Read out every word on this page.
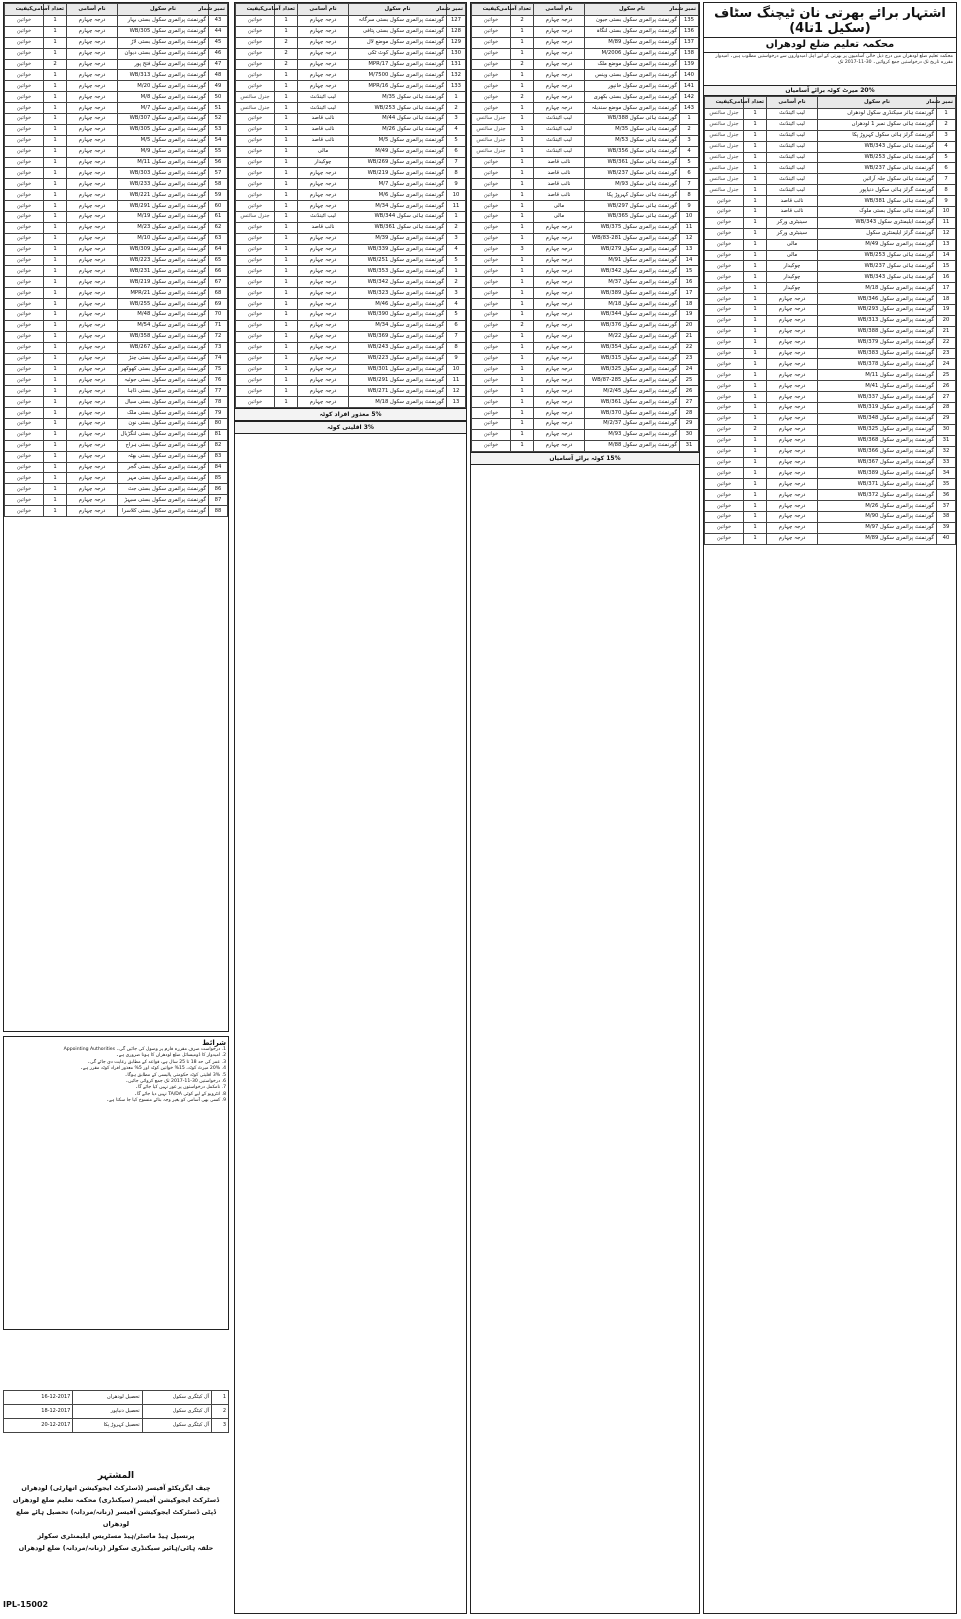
اشتہار برائے بھرتی نان ٹیچنگ سٹاف (سکیل 1تا4)
محکمہ تعلیم ضلع لودھراں
محکمہ تعلیم ضلع لودھراں میں درج ذیل خالی آسامیوں پر بھرتی کے لیے اہل امیدواروں سے درخواستیں مطلوب ہیں۔ امیدوار مقررہ تاریخ تک درخواستیں جمع کروائیں۔ 30-11-2017 تک
20% میرٹ کوٹہ برائے آسامیاں
نمبر شمار	نام سکول	نام آسامی	تعداد آسامی	کیفیت
1	گورنمنٹ ہائر سیکنڈری سکول لودھراں	لیب اٹینڈنٹ	1	جنرل سائنس
2	گورنمنٹ ہائی سکول نمبر 1 لودھراں	لیب اٹینڈنٹ	1	جنرل سائنس
3	گورنمنٹ گرلز ہائی سکول کہروڑ پکا	لیب اٹینڈنٹ	1	جنرل سائنس
4	گورنمنٹ ہائی سکول 343/WB	لیب اٹینڈنٹ	1	جنرل سائنس
5	گورنمنٹ ہائی سکول 253/WB	لیب اٹینڈنٹ	1	جنرل سائنس
6	گورنمنٹ ہائی سکول 237/WB	لیب اٹینڈنٹ	1	جنرل سائنس
7	گورنمنٹ ہائی سکول جلہ آرائیں	لیب اٹینڈنٹ	1	جنرل سائنس
8	گورنمنٹ گرلز ہائی سکول دنیاپور	لیب اٹینڈنٹ	1	جنرل سائنس
9	گورنمنٹ ہائی سکول 381/WB	نائب قاصد	1	خواتین
10	گورنمنٹ ہائی سکول بستی ملوک	نائب قاصد	1	خواتین
11	گورنمنٹ ایلیمنٹری سکول 343/WB	سینیٹری ورکر	1	خواتین
12	گورنمنٹ گرلز ایلیمنٹری سکول	سینیٹری ورکر	1	خواتین
13	گورنمنٹ پرائمری سکول 49/M	مالی	1	خواتین
14	گورنمنٹ ہائی سکول 253/WB	مالی	1	خواتین
15	گورنمنٹ ہائی سکول 237/WB	چوکیدار	1	خواتین
16	گورنمنٹ ہائی سکول 343/WB	چوکیدار	1	خواتین
17	گورنمنٹ پرائمری سکول 18/M	چوکیدار	1	خواتین
18	گورنمنٹ پرائمری سکول 346/WB	درجہ چہارم	1	خواتین
19	گورنمنٹ پرائمری سکول 293/WB	درجہ چہارم	1	خواتین
20	گورنمنٹ پرائمری سکول 313/WB	درجہ چہارم	1	خواتین
21	گورنمنٹ پرائمری سکول 388/WB	درجہ چہارم	1	خواتین
22	گورنمنٹ پرائمری سکول 379/WB	درجہ چہارم	1	خواتین
23	گورنمنٹ پرائمری سکول 383/WB	درجہ چہارم	1	خواتین
24	گورنمنٹ پرائمری سکول 378/WB	درجہ چہارم	1	خواتین
25	گورنمنٹ پرائمری سکول 11/M	درجہ چہارم	1	خواتین
26	گورنمنٹ پرائمری سکول 41/M	درجہ چہارم	1	خواتین
27	گورنمنٹ پرائمری سکول 337/WB	درجہ چہارم	1	خواتین
28	گورنمنٹ پرائمری سکول 319/WB	درجہ چہارم	1	خواتین
29	گورنمنٹ پرائمری سکول 348/WB	درجہ چہارم	1	خواتین
30	گورنمنٹ پرائمری سکول 325/WB	درجہ چہارم	2	خواتین
31	گورنمنٹ پرائمری سکول 368/WB	درجہ چہارم	1	خواتین
32	گورنمنٹ پرائمری سکول 366/WB	درجہ چہارم	1	خواتین
33	گورنمنٹ پرائمری سکول 367/WB	درجہ چہارم	1	خواتین
34	گورنمنٹ پرائمری سکول 389/WB	درجہ چہارم	1	خواتین
35	گورنمنٹ پرائمری سکول 371/WB	درجہ چہارم	1	خواتین
36	گورنمنٹ پرائمری سکول 372/WB	درجہ چہارم	1	خواتین
37	گورنمنٹ پرائمری سکول 26/M	درجہ چہارم	1	خواتین
38	گورنمنٹ پرائمری سکول 90/M	درجہ چہارم	1	خواتین
39	گورنمنٹ پرائمری سکول 97/M	درجہ چہارم	1	خواتین
40	گورنمنٹ پرائمری سکول 89/M	درجہ چہارم	1	خواتین
نمبر شمار	نام سکول	نام آسامی	تعداد آسامی	کیفیت
135	گورنمنٹ پرائمری سکول بستی جیون	درجہ چہارم	2	خواتین
136	گورنمنٹ پرائمری سکول بستی لنگاہ	درجہ چہارم	1	خواتین
137	گورنمنٹ پرائمری سکول 89/M	درجہ چہارم	1	خواتین
138	گورنمنٹ پرائمری سکول 2006/M	درجہ چہارم	1	خواتین
139	گورنمنٹ پرائمری سکول موضع ملک	درجہ چہارم	2	خواتین
140	گورنمنٹ پرائمری سکول بستی وینس	درجہ چہارم	1	خواتین
141	گورنمنٹ پرائمری سکول خانپور	درجہ چہارم	1	خواتین
142	گورنمنٹ پرائمری سکول بستی بکھری	درجہ چہارم	2	خواتین
143	گورنمنٹ پرائمری سکول موضع سندیلہ	درجہ چہارم	1	خواتین
1	گورنمنٹ ہائی سکول 388/WB	لیب اٹینڈنٹ	1	جنرل سائنس
2	گورنمنٹ ہائی سکول 35/M	لیب اٹینڈنٹ	1	جنرل سائنس
3	گورنمنٹ ہائی سکول 53/M	لیب اٹینڈنٹ	1	جنرل سائنس
4	گورنمنٹ ہائی سکول 356/WB	لیب اٹینڈنٹ	1	جنرل سائنس
5	گورنمنٹ ہائی سکول 361/WB	نائب قاصد	1	خواتین
6	گورنمنٹ ہائی سکول 237/WB	نائب قاصد	1	خواتین
7	گورنمنٹ ہائی سکول 93/M	نائب قاصد	1	خواتین
8	گورنمنٹ ہائی سکول کہروڑ پکا	نائب قاصد	1	خواتین
9	گورنمنٹ ہائی سکول 297/WB	مالی	1	خواتین
10	گورنمنٹ ہائی سکول 365/WB	مالی	1	خواتین
11	گورنمنٹ پرائمری سکول 375/WB	درجہ چہارم	1	خواتین
12	گورنمنٹ پرائمری سکول 281-83/WB	درجہ چہارم	1	خواتین
13	گورنمنٹ پرائمری سکول 279/WB	درجہ چہارم	3	خواتین
14	گورنمنٹ پرائمری سکول 91/M	درجہ چہارم	1	خواتین
15	گورنمنٹ پرائمری سکول 342/WB	درجہ چہارم	1	خواتین
16	گورنمنٹ پرائمری سکول 37/M	درجہ چہارم	1	خواتین
17	گورنمنٹ پرائمری سکول 389/WB	درجہ چہارم	1	خواتین
18	گورنمنٹ پرائمری سکول 18/M	درجہ چہارم	1	خواتین
19	گورنمنٹ پرائمری سکول 344/WB	درجہ چہارم	1	خواتین
20	گورنمنٹ پرائمری سکول 376/WB	درجہ چہارم	2	خواتین
21	گورنمنٹ پرائمری سکول 22/M	درجہ چہارم	1	خواتین
22	گورنمنٹ پرائمری سکول 354/WB	درجہ چہارم	1	خواتین
23	گورنمنٹ پرائمری سکول 315/WB	درجہ چہارم	1	خواتین
24	گورنمنٹ پرائمری سکول 325/WB	درجہ چہارم	1	خواتین
25	گورنمنٹ پرائمری سکول 285-87/WB	درجہ چہارم	1	خواتین
26	گورنمنٹ پرائمری سکول 2/45/M	درجہ چہارم	1	خواتین
27	گورنمنٹ پرائمری سکول 361/WB	درجہ چہارم	1	خواتین
28	گورنمنٹ پرائمری سکول 370/WB	درجہ چہارم	1	خواتین
29	گورنمنٹ پرائمری سکول 2/37/M	درجہ چہارم	1	خواتین
30	گورنمنٹ پرائمری سکول 93/M	درجہ چہارم	1	خواتین
31	گورنمنٹ پرائمری سکول 88/M	درجہ چہارم	1	خواتین
15% کوٹہ برائے آسامیاں
نمبر شمار	نام سکول	نام آسامی	تعداد آسامی	کیفیت
127	گورنمنٹ پرائمری سکول بستی سرگانہ	درجہ چہارم	1	خواتین
128	گورنمنٹ پرائمری سکول بستی پتافی	درجہ چہارم	1	خواتین
129	گورنمنٹ پرائمری سکول موضع لال	درجہ چہارم	2	خواتین
130	گورنمنٹ پرائمری سکول کوٹ ٹکی	درجہ چہارم	2	خواتین
131	گورنمنٹ پرائمری سکول 17/MPR	درجہ چہارم	2	خواتین
132	گورنمنٹ پرائمری سکول 7500/M	درجہ چہارم	1	خواتین
133	گورنمنٹ پرائمری سکول 16/MPR	درجہ چہارم	1	خواتین
1	گورنمنٹ ہائی سکول 35/M	لیب اٹینڈنٹ	1	جنرل سائنس
2	گورنمنٹ ہائی سکول 253/WB	لیب اٹینڈنٹ	1	جنرل سائنس
3	گورنمنٹ ہائی سکول 44/M	نائب قاصد	1	خواتین
4	گورنمنٹ ہائی سکول 26/M	نائب قاصد	1	خواتین
5	گورنمنٹ پرائمری سکول 5/M	نائب قاصد	1	خواتین
6	گورنمنٹ پرائمری سکول 49/M	مالی	1	خواتین
7	گورنمنٹ پرائمری سکول 269/WB	چوکیدار	1	خواتین
8	گورنمنٹ پرائمری سکول 219/WB	درجہ چہارم	1	خواتین
9	گورنمنٹ پرائمری سکول 7/M	درجہ چہارم	1	خواتین
10	گورنمنٹ پرائمری سکول 6/M	درجہ چہارم	1	خواتین
11	گورنمنٹ پرائمری سکول 34/M	درجہ چہارم	1	خواتین
1	گورنمنٹ ہائی سکول 344/WB	لیب اٹینڈنٹ	1	جنرل سائنس
2	گورنمنٹ ہائی سکول 361/WB	نائب قاصد	1	خواتین
3	گورنمنٹ پرائمری سکول 39/M	درجہ چہارم	1	خواتین
4	گورنمنٹ پرائمری سکول 339/WB	درجہ چہارم	1	خواتین
5	گورنمنٹ پرائمری سکول 251/WB	درجہ چہارم	1	خواتین
1	گورنمنٹ پرائمری سکول 353/WB	درجہ چہارم	1	خواتین
2	گورنمنٹ پرائمری سکول 342/WB	درجہ چہارم	1	خواتین
3	گورنمنٹ پرائمری سکول 323/WB	درجہ چہارم	1	خواتین
4	گورنمنٹ پرائمری سکول 46/M	درجہ چہارم	1	خواتین
5	گورنمنٹ پرائمری سکول 390/WB	درجہ چہارم	1	خواتین
6	گورنمنٹ پرائمری سکول 34/M	درجہ چہارم	1	خواتین
7	گورنمنٹ پرائمری سکول 369/WB	درجہ چہارم	1	خواتین
8	گورنمنٹ پرائمری سکول 243/WB	درجہ چہارم	1	خواتین
9	گورنمنٹ پرائمری سکول 223/WB	درجہ چہارم	1	خواتین
10	گورنمنٹ پرائمری سکول 301/WB	درجہ چہارم	1	خواتین
11	گورنمنٹ پرائمری سکول 291/WB	درجہ چہارم	1	خواتین
12	گورنمنٹ پرائمری سکول 271/WB	درجہ چہارم	1	خواتین
13	گورنمنٹ پرائمری سکول 18/M	درجہ چہارم	1	خواتین
5% معذور افراد کوٹہ
3% اقلیتی کوٹہ
نمبر شمار	نام سکول	نام آسامی	تعداد آسامی	کیفیت
43	گورنمنٹ پرائمری سکول بستی بہار	درجہ چہارم	1	خواتین
44	گورنمنٹ پرائمری سکول 305/WB	درجہ چہارم	1	خواتین
45	گورنمنٹ پرائمری سکول بستی لاڑ	درجہ چہارم	1	خواتین
46	گورنمنٹ پرائمری سکول بستی دیوان	درجہ چہارم	1	خواتین
47	گورنمنٹ پرائمری سکول فتح پور	درجہ چہارم	2	خواتین
48	گورنمنٹ پرائمری سکول 313/WB	درجہ چہارم	1	خواتین
49	گورنمنٹ پرائمری سکول 20/M	درجہ چہارم	1	خواتین
50	گورنمنٹ پرائمری سکول 8/M	درجہ چہارم	1	خواتین
51	گورنمنٹ پرائمری سکول 7/M	درجہ چہارم	1	خواتین
52	گورنمنٹ پرائمری سکول 307/WB	درجہ چہارم	1	خواتین
53	گورنمنٹ پرائمری سکول 305/WB	درجہ چہارم	1	خواتین
54	گورنمنٹ پرائمری سکول 5/M	درجہ چہارم	1	خواتین
55	گورنمنٹ پرائمری سکول 9/M	درجہ چہارم	1	خواتین
56	گورنمنٹ پرائمری سکول 11/M	درجہ چہارم	1	خواتین
57	گورنمنٹ پرائمری سکول 303/WB	درجہ چہارم	1	خواتین
58	گورنمنٹ پرائمری سکول 233/WB	درجہ چہارم	1	خواتین
59	گورنمنٹ پرائمری سکول 221/WB	درجہ چہارم	1	خواتین
60	گورنمنٹ پرائمری سکول 291/WB	درجہ چہارم	1	خواتین
61	گورنمنٹ پرائمری سکول 19/M	درجہ چہارم	1	خواتین
62	گورنمنٹ پرائمری سکول 23/M	درجہ چہارم	1	خواتین
63	گورنمنٹ پرائمری سکول 10/M	درجہ چہارم	1	خواتین
64	گورنمنٹ پرائمری سکول 309/WB	درجہ چہارم	1	خواتین
65	گورنمنٹ پرائمری سکول 223/WB	درجہ چہارم	1	خواتین
66	گورنمنٹ پرائمری سکول 231/WB	درجہ چہارم	1	خواتین
67	گورنمنٹ پرائمری سکول 219/WB	درجہ چہارم	1	خواتین
68	گورنمنٹ پرائمری سکول 21/MPR	درجہ چہارم	1	خواتین
69	گورنمنٹ پرائمری سکول 255/WB	درجہ چہارم	1	خواتین
70	گورنمنٹ پرائمری سکول 48/M	درجہ چہارم	1	خواتین
71	گورنمنٹ پرائمری سکول 54/M	درجہ چہارم	1	خواتین
72	گورنمنٹ پرائمری سکول 358/WB	درجہ چہارم	1	خواتین
73	گورنمنٹ پرائمری سکول 267/WB	درجہ چہارم	1	خواتین
74	گورنمنٹ پرائمری سکول بستی چنڑ	درجہ چہارم	1	خواتین
75	گورنمنٹ پرائمری سکول بستی کھوکھر	درجہ چہارم	1	خواتین
76	گورنمنٹ پرائمری سکول بستی جوئیہ	درجہ چہارم	1	خواتین
77	گورنمنٹ پرائمری سکول بستی ڈاہا	درجہ چہارم	1	خواتین
78	گورنمنٹ پرائمری سکول بستی سیال	درجہ چہارم	1	خواتین
79	گورنمنٹ پرائمری سکول بستی ملک	درجہ چہارم	1	خواتین
80	گورنمنٹ پرائمری سکول بستی نون	درجہ چہارم	1	خواتین
81	گورنمنٹ پرائمری سکول بستی لنگڑیال	درجہ چہارم	1	خواتین
82	گورنمنٹ پرائمری سکول بستی ہراج	درجہ چہارم	1	خواتین
83	گورنمنٹ پرائمری سکول بستی بھٹہ	درجہ چہارم	1	خواتین
84	گورنمنٹ پرائمری سکول بستی گجر	درجہ چہارم	1	خواتین
85	گورنمنٹ پرائمری سکول بستی مہر	درجہ چہارم	1	خواتین
86	گورنمنٹ پرائمری سکول بستی جٹ	درجہ چہارم	1	خواتین
87	گورنمنٹ پرائمری سکول بستی سیہڑ	درجہ چہارم	1	خواتین
88	گورنمنٹ پرائمری سکول بستی کلاسرا	درجہ چہارم	1	خواتین
شرائط
1. درخواست صرف مقررہ فارم پر وصول کی جائیں گی۔ Appointing Authorities
2. امیدوار کا ڈومیسائل ضلع لودھراں کا ہونا ضروری ہے۔
3. عمر کی حد 18 تا 25 سال ہے، قواعد کے مطابق رعایت دی جائے گی۔
4. 20% میرٹ کوٹہ، 15% خواتین کوٹہ اور 5% معذور افراد کوٹہ مقرر ہے۔
5. 3% اقلیتی کوٹہ حکومتی پالیسی کے مطابق ہوگا۔
6. درخواستیں 30-11-2017 تک جمع کروائی جائیں۔
7. نامکمل درخواستوں پر غور نہیں کیا جائے گا۔
8. انٹرویو کے لیے کوئی TA/DA نہیں دیا جائے گا۔
9. کسی بھی آسامی کو بغیر وجہ بتائے منسوخ کیا جا سکتا ہے۔
1	آل کیٹگری سکول	تحصیل لودھراں	16-12-2017
2	آل کیٹگری سکول	تحصیل دنیاپور	18-12-2017
3	آل کیٹگری سکول	تحصیل کہروڑ پکا	20-12-2017
المشتہر
چیف ایگزیکٹو آفیسر (ڈسٹرکٹ ایجوکیشن اتھارٹی) لودھراں
ڈسٹرکٹ ایجوکیشن آفیسر (سیکنڈری) محکمہ تعلیم ضلع لودھراں
ڈپٹی ڈسٹرکٹ ایجوکیشن آفیسر (زنانہ/مردانہ) تحصیل ہائے ضلع لودھراں
پرنسپل ہیڈ ماسٹر/ہیڈ مسٹریس ایلیمنٹری سکولز
حلقہ ہائی/ہائیر سیکنڈری سکولز (زنانہ/مردانہ) ضلع لودھراں
IPL-15002
